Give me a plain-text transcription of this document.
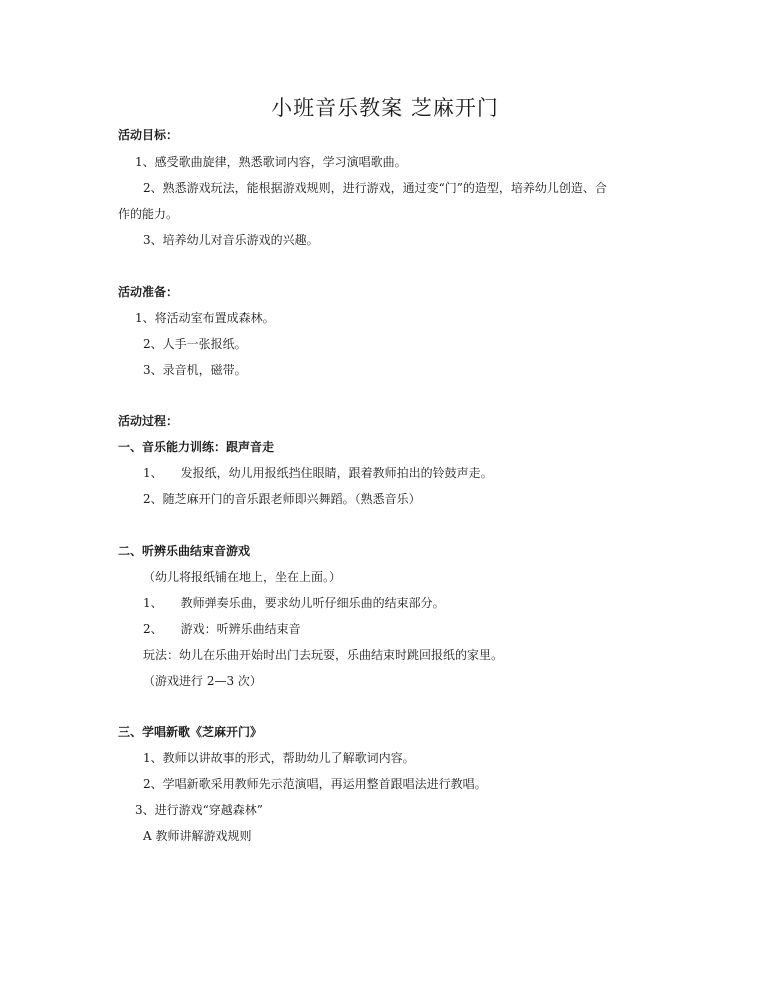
小班音乐教案 芝麻开门
活动目标：
1、感受歌曲旋律，熟悉歌词内容，学习演唱歌曲。
2、熟悉游戏玩法，能根据游戏规则，进行游戏，通过变“门”的造型，培养幼儿创造、合
作的能力。
3、培养幼儿对音乐游戏的兴趣。
活动准备：
1、将活动室布置成森林。
2、人手一张报纸。
3、录音机，磁带。
活动过程：
一、音乐能力训练：跟声音走
1、 发报纸，幼儿用报纸挡住眼睛，跟着教师拍出的铃鼓声走。
2、随芝麻开门的音乐跟老师即兴舞蹈。（熟悉音乐）
二、听辨乐曲结束音游戏
（幼儿将报纸铺在地上，坐在上面。）
1、 教师弹奏乐曲，要求幼儿听仔细乐曲的结束部分。
2、 游戏：听辨乐曲结束音
玩法：幼儿在乐曲开始时出门去玩耍，乐曲结束时跳回报纸的家里。
（游戏进行 2—3 次）
三、学唱新歌《芝麻开门》
1、教师以讲故事的形式，帮助幼儿了解歌词内容。
2、学唱新歌采用教师先示范演唱，再运用整首跟唱法进行教唱。
3、进行游戏“穿越森林”
A 教师讲解游戏规则
